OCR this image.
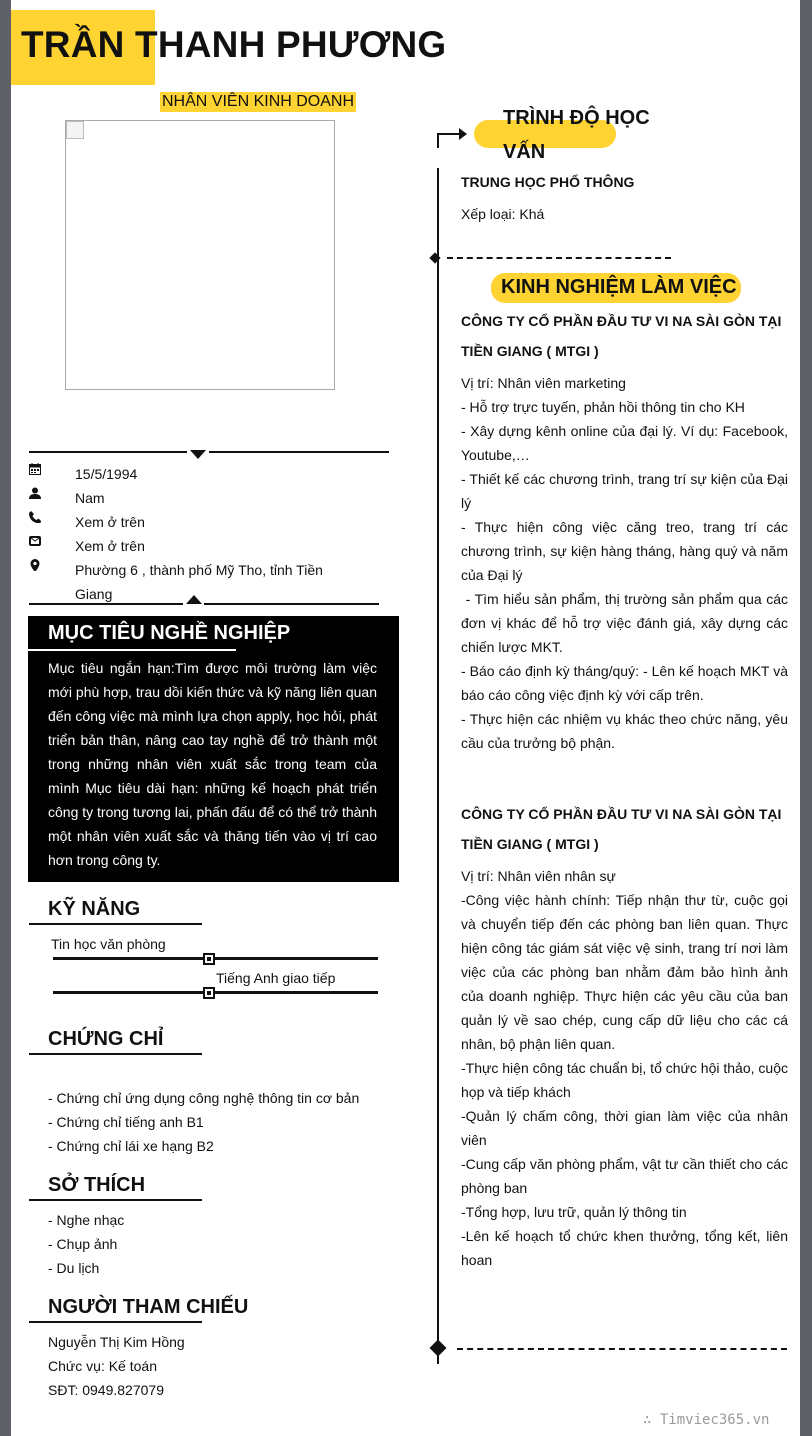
TRẦN THANH PHƯƠNG
NHÂN VIÊN KINH DOANH
15/5/1994
Nam
Xem ở trên
Xem ở trên
Phường 6 , thành phố Mỹ Tho, tỉnh Tiền Giang
MỤC TIÊU NGHỀ NGHIỆP

Mục tiêu ngắn hạn:Tìm được môi trường làm việc mới phù hợp, trau dồi kiến thức và kỹ năng liên quan đến công việc mà mình lựa chọn apply, học hỏi, phát triển bản thân, nâng cao tay nghề để trở thành một trong những nhân viên xuất sắc trong team của mình Mục tiêu dài hạn: những kế hoạch phát triển công ty trong tương lai, phấn đấu để có thể trở thành một nhân viên xuất sắc và thăng tiến vào vị trí cao hơn trong công ty.

KỸ NĂNG
Tin học văn phòng
Tiếng Anh giao tiếp
CHỨNG CHỈ
- Chứng chỉ ứng dụng công nghệ thông tin cơ bản
- Chứng chỉ tiếng anh B1
- Chứng chỉ lái xe hạng B2
SỞ THÍCH
- Nghe nhạc
- Chụp ảnh
- Du lịch
NGƯỜI THAM CHIẾU
Nguyễn Thị Kim Hồng
Chức vụ: Kế toán
SĐT: 0949.827079
TRÌNH ĐỘ HỌC
VẤN
TRUNG HỌC PHỔ THÔNG
Xếp loại: Khá
KINH NGHIỆM LÀM VIỆC
CÔNG TY CỔ PHẦN ĐẦU TƯ VI NA SÀI GÒN TẠI TIỀN GIANG ( MTGI )
Vị trí: Nhân viên marketing
- Hỗ trợ trực tuyến, phản hồi thông tin cho KH
- Xây dựng kênh online của đại lý. Ví dụ: Facebook, Youtube,…
- Thiết kế các chương trình, trang trí sự kiện của Đại lý
- Thực hiện công việc căng treo, trang trí các chương trình, sự kiện hàng tháng, hàng quý và năm của Đại lý
- Tìm hiểu sản phẩm, thị trường sản phẩm qua các đơn vị khác để hỗ trợ việc đánh giá, xây dựng các chiến lược MKT.
- Báo cáo định kỳ tháng/quý: - Lên kế hoạch MKT và báo cáo công việc định kỳ với cấp trên.
- Thực hiện các nhiệm vụ khác theo chức năng, yêu cầu của trưởng bộ phận.
CÔNG TY CỔ PHẦN ĐẦU TƯ VI NA SÀI GÒN TẠI TIỀN GIANG ( MTGI )
Vị trí: Nhân viên nhân sự
-Công việc hành chính: Tiếp nhận thư từ, cuộc gọi và chuyển tiếp đến các phòng ban liên quan. Thực hiện công tác giám sát việc vệ sinh, trang trí nơi làm việc của các phòng ban nhằm đảm bảo hình ảnh của doanh nghiệp. Thực hiện các yêu cầu của ban quản lý về sao chép, cung cấp dữ liệu cho các cá nhân, bộ phận liên quan.
-Thực hiện công tác chuẩn bị, tổ chức hội thảo, cuộc họp và tiếp khách
-Quản lý chấm công, thời gian làm việc của nhân viên
-Cung cấp văn phòng phẩm, vật tư cần thiết cho các phòng ban
-Tổng hợp, lưu trữ, quản lý thông tin
-Lên kế hoạch tổ chức khen thưởng, tổng kết, liên hoan
∴ Timviec365.vn
